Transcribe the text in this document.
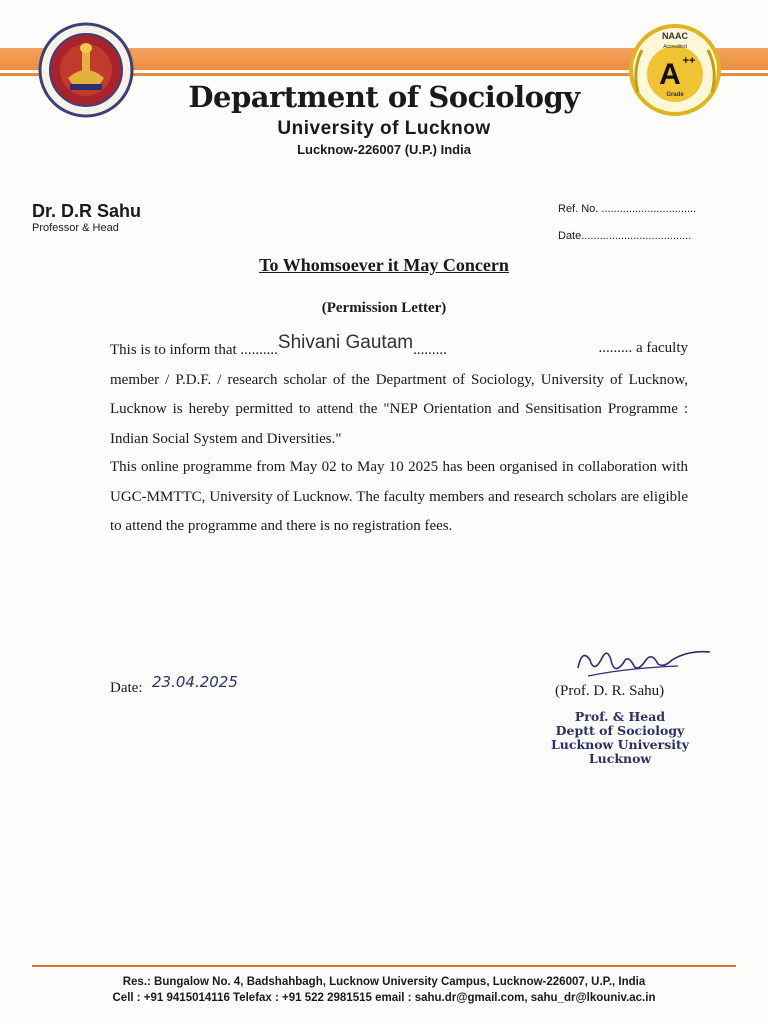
NAAC
Accredited
A ++
Grade
Department of Sociology
University of Lucknow
Lucknow-226007 (U.P.) India
Dr. D.R Sahu
Professor & Head
Ref. No. ...............................
Date....................................
To Whomsoever it May Concern
(Permission Letter)
This is to inform that ..........Shivani Gautam.........	......... a faculty
member / P.D.F. / research scholar of the Department of Sociology, University of Lucknow, Lucknow is hereby permitted to attend the "NEP Orientation and Sensitisation Programme : Indian Social System and Diversities."
This online programme from May 02 to May 10 2025 has been organised in collaboration with UGC-MMTTC, University of Lucknow. The faculty members and research scholars are eligible to attend the programme and there is no registration fees.
Date: 23.04.2025	(Prof. D. R. Sahu)
Prof. & Head
Deptt of Sociology
Lucknow University
Lucknow
Res.: Bungalow No. 4, Badshahbagh, Lucknow University Campus, Lucknow-226007, U.P., India
Cell : +91 9415014116 Telefax : +91 522 2981515 email : sahu.dr@gmail.com, sahu_dr@lkouniv.ac.in
